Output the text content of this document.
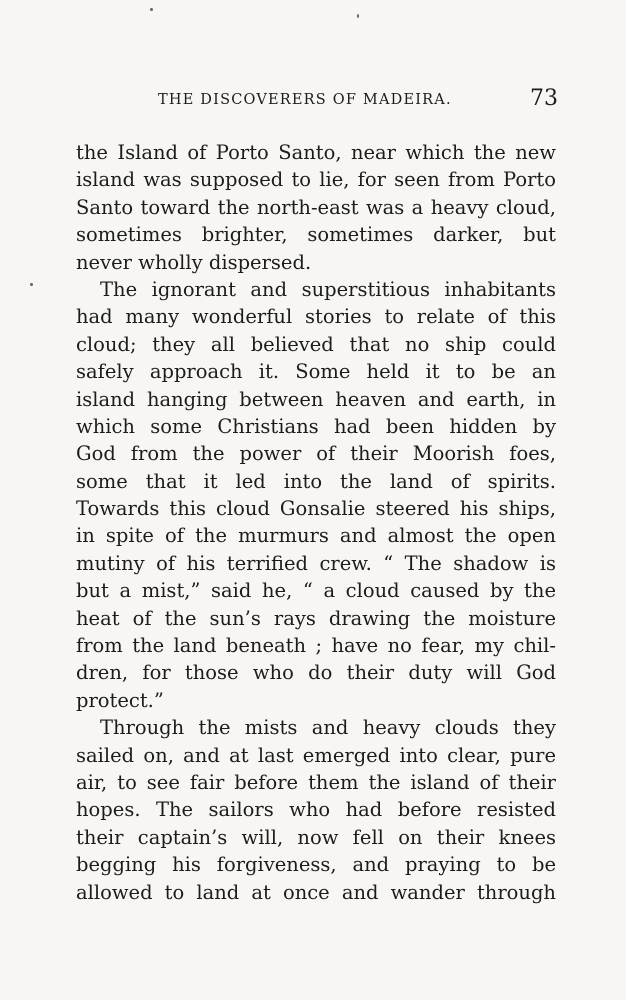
THE DISCOVERERS OF MADEIRA.	73
the Island of Porto Santo, near which the new
island was supposed to lie, for seen from Porto
Santo toward the north-east was a heavy cloud,
sometimes brighter, sometimes darker, but
never wholly dispersed.
The ignorant and superstitious inhabitants
had many wonderful stories to relate of this
cloud; they all believed that no ship could
safely approach it. Some held it to be an
island hanging between heaven and earth, in
which some Christians had been hidden by
God from the power of their Moorish foes,
some that it led into the land of spirits.
Towards this cloud Gonsalie steered his ships,
in spite of the murmurs and almost the open
mutiny of his terrified crew. “ The shadow is
but a mist,” said he, “ a cloud caused by the
heat of the sun’s rays drawing the moisture
from the land beneath ; have no fear, my chil-
dren, for those who do their duty will God
protect.”
Through the mists and heavy clouds they
sailed on, and at last emerged into clear, pure
air, to see fair before them the island of their
hopes. The sailors who had before resisted
their captain’s will, now fell on their knees
begging his forgiveness, and praying to be
allowed to land at once and wander through
